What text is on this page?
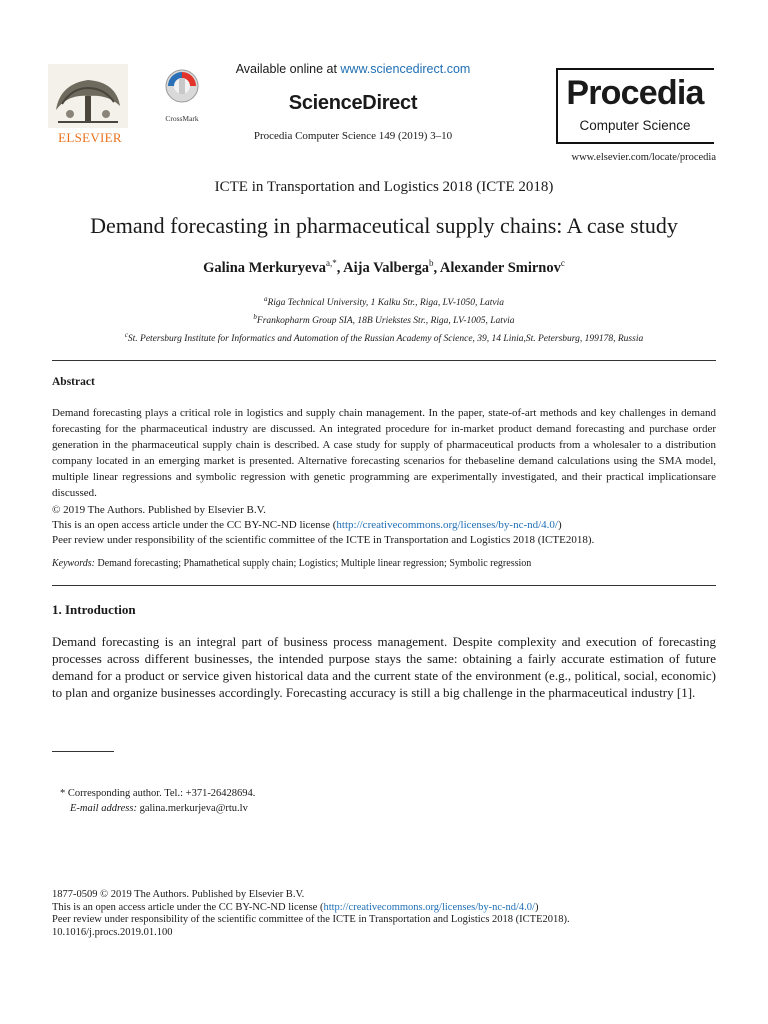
ELSEVIER
CrossMark
Available online at www.sciencedirect.com
ScienceDirect
Procedia Computer Science 149 (2019) 3–10
Procedia
Computer Science
www.elsevier.com/locate/procedia
ICTE in Transportation and Logistics 2018 (ICTE 2018)
Demand forecasting in pharmaceutical supply chains: A case study
Galina Merkuryeva$^{a,*}$, Aija Valberga$^b$, Alexander Smirnov$^c$
$^a$Riga Technical University, 1 Kalku Str., Riga, LV-1050, Latvia
$^b$Frankopharm Group SIA, 18B Uriekstes Str., Riga, LV-1005, Latvia
$^c$St. Petersburg Institute for Informatics and Automation of the Russian Academy of Science, 39, 14 Linia,St. Petersburg, 199178, Russia
Abstract
Demand forecasting plays a critical role in logistics and supply chain management. In the paper, state-of-art methods and key challenges in demand forecasting for the pharmaceutical industry are discussed. An integrated procedure for in-market product demand forecasting and purchase order generation in the pharmaceutical supply chain is described. A case study for supply of pharmaceutical products from a wholesaler to a distribution company located in an emerging market is presented. Alternative forecasting scenarios for thebaseline demand calculations using the SMA model, multiple linear regressions and symbolic regression with genetic programming are experimentally investigated, and their practical implicationsare discussed.
© 2019 The Authors. Published by Elsevier B.V.
This is an open access article under the CC BY-NC-ND license (http://creativecommons.org/licenses/by-nc-nd/4.0/)
Peer review under responsibility of the scientific committee of the ICTE in Transportation and Logistics 2018 (ICTE2018).
Keywords: Demand forecasting; Phamathetical supply chain; Logistics; Multiple linear regression; Symbolic regression
1. Introduction
Demand forecasting is an integral part of business process management. Despite complexity and execution of forecasting processes across different businesses, the intended purpose stays the same: obtaining a fairly accurate estimation of future demand for a product or service given historical data and the current state of the environment (e.g., political, social, economic) to plan and organize businesses accordingly. Forecasting accuracy is still a big challenge in the pharmaceutical industry [1].
* Corresponding author. Tel.: +371-26428694.
E-mail address: galina.merkurjeva@rtu.lv
1877-0509 © 2019 The Authors. Published by Elsevier B.V.
This is an open access article under the CC BY-NC-ND license (http://creativecommons.org/licenses/by-nc-nd/4.0/)
Peer review under responsibility of the scientific committee of the ICTE in Transportation and Logistics 2018 (ICTE2018).
10.1016/j.procs.2019.01.100
